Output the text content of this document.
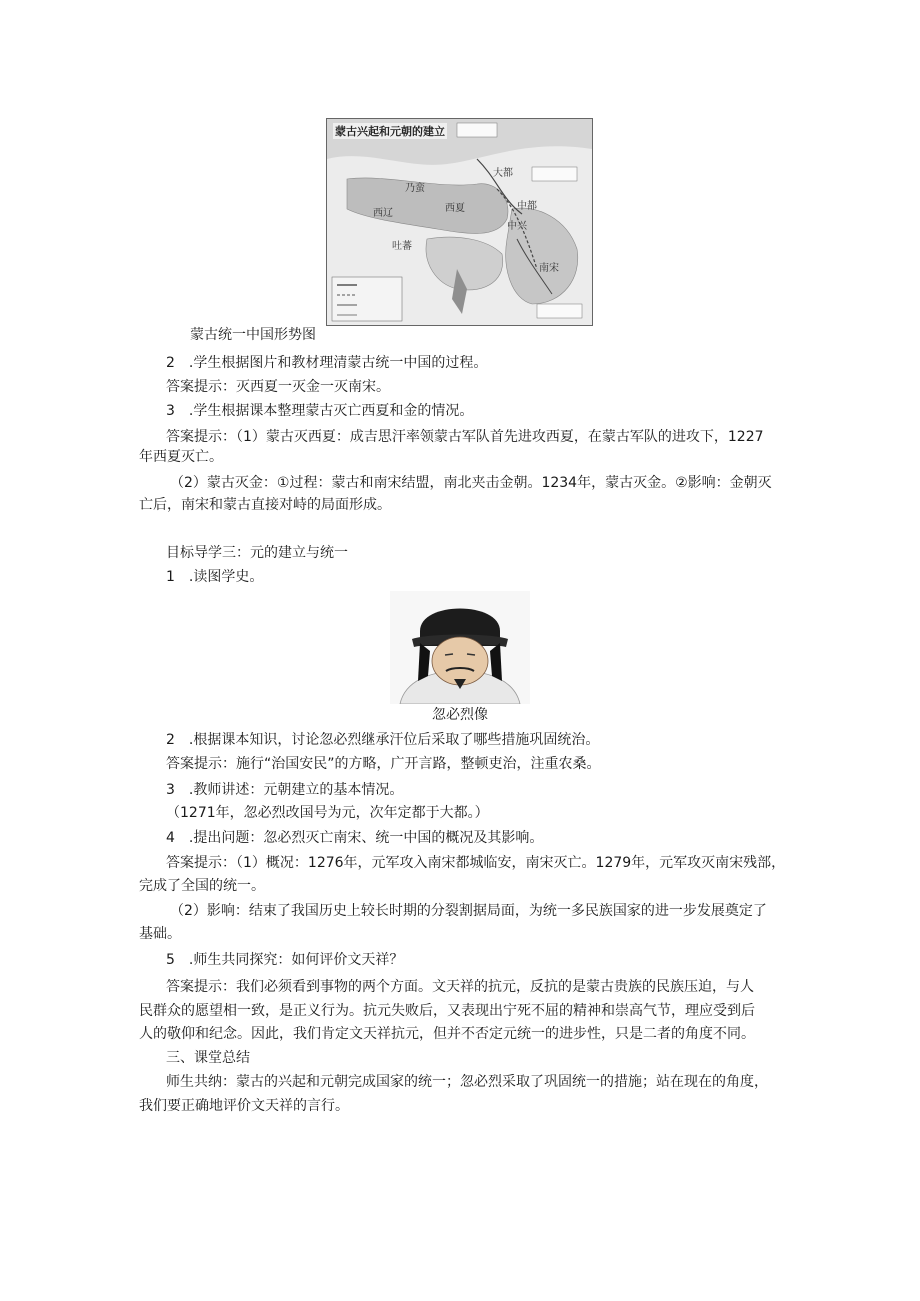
蒙古兴起和元朝的建立
西辽	西夏
南宋
乃蛮
吐蕃
大都
中都
中兴
蒙古统一中国形势图
2　.学生根据图片和教材理清蒙古统一中国的过程。
答案提示：灭西夏一灭金一灭南宋。
3　.学生根据课本整理蒙古灭亡西夏和金的情况。
答案提示：（1）蒙古灭西夏：成吉思汗率领蒙古军队首先进攻西夏，在蒙古军队的进攻下，1227
年西夏灭亡。
（2）蒙古灭金：①过程：蒙古和南宋结盟，南北夹击金朝。1234年，蒙古灭金。②影响：金朝灭
亡后，南宋和蒙古直接对峙的局面形成。
目标导学三：元的建立与统一
1　.读图学史。
忽必烈像
2　.根据课本知识，讨论忽必烈继承汗位后采取了哪些措施巩固统治。
答案提示：施行“治国安民”的方略，广开言路，整顿吏治，注重农桑。
3　.教师讲述：元朝建立的基本情况。
（1271年，忽必烈改国号为元，次年定都于大都。）
4　.提出问题：忽必烈灭亡南宋、统一中国的概况及其影响。
答案提示：（1）概况：1276年，元军攻入南宋都城临安，南宋灭亡。1279年，元军攻灭南宋残部，
完成了全国的统一。
（2）影响：结束了我国历史上较长时期的分裂割据局面，为统一多民族国家的进一步发展奠定了
基础。
5　.师生共同探究：如何评价文天祥？
答案提示：我们必须看到事物的两个方面。文天祥的抗元，反抗的是蒙古贵族的民族压迫，与人
民群众的愿望相一致，是正义行为。抗元失败后，又表现出宁死不屈的精神和崇高气节，理应受到后
人的敬仰和纪念。因此，我们肯定文天祥抗元，但并不否定元统一的进步性，只是二者的角度不同。
三、课堂总结
师生共纳：蒙古的兴起和元朝完成国家的统一；忽必烈采取了巩固统一的措施；站在现在的角度，
我们要正确地评价文天祥的言行。
